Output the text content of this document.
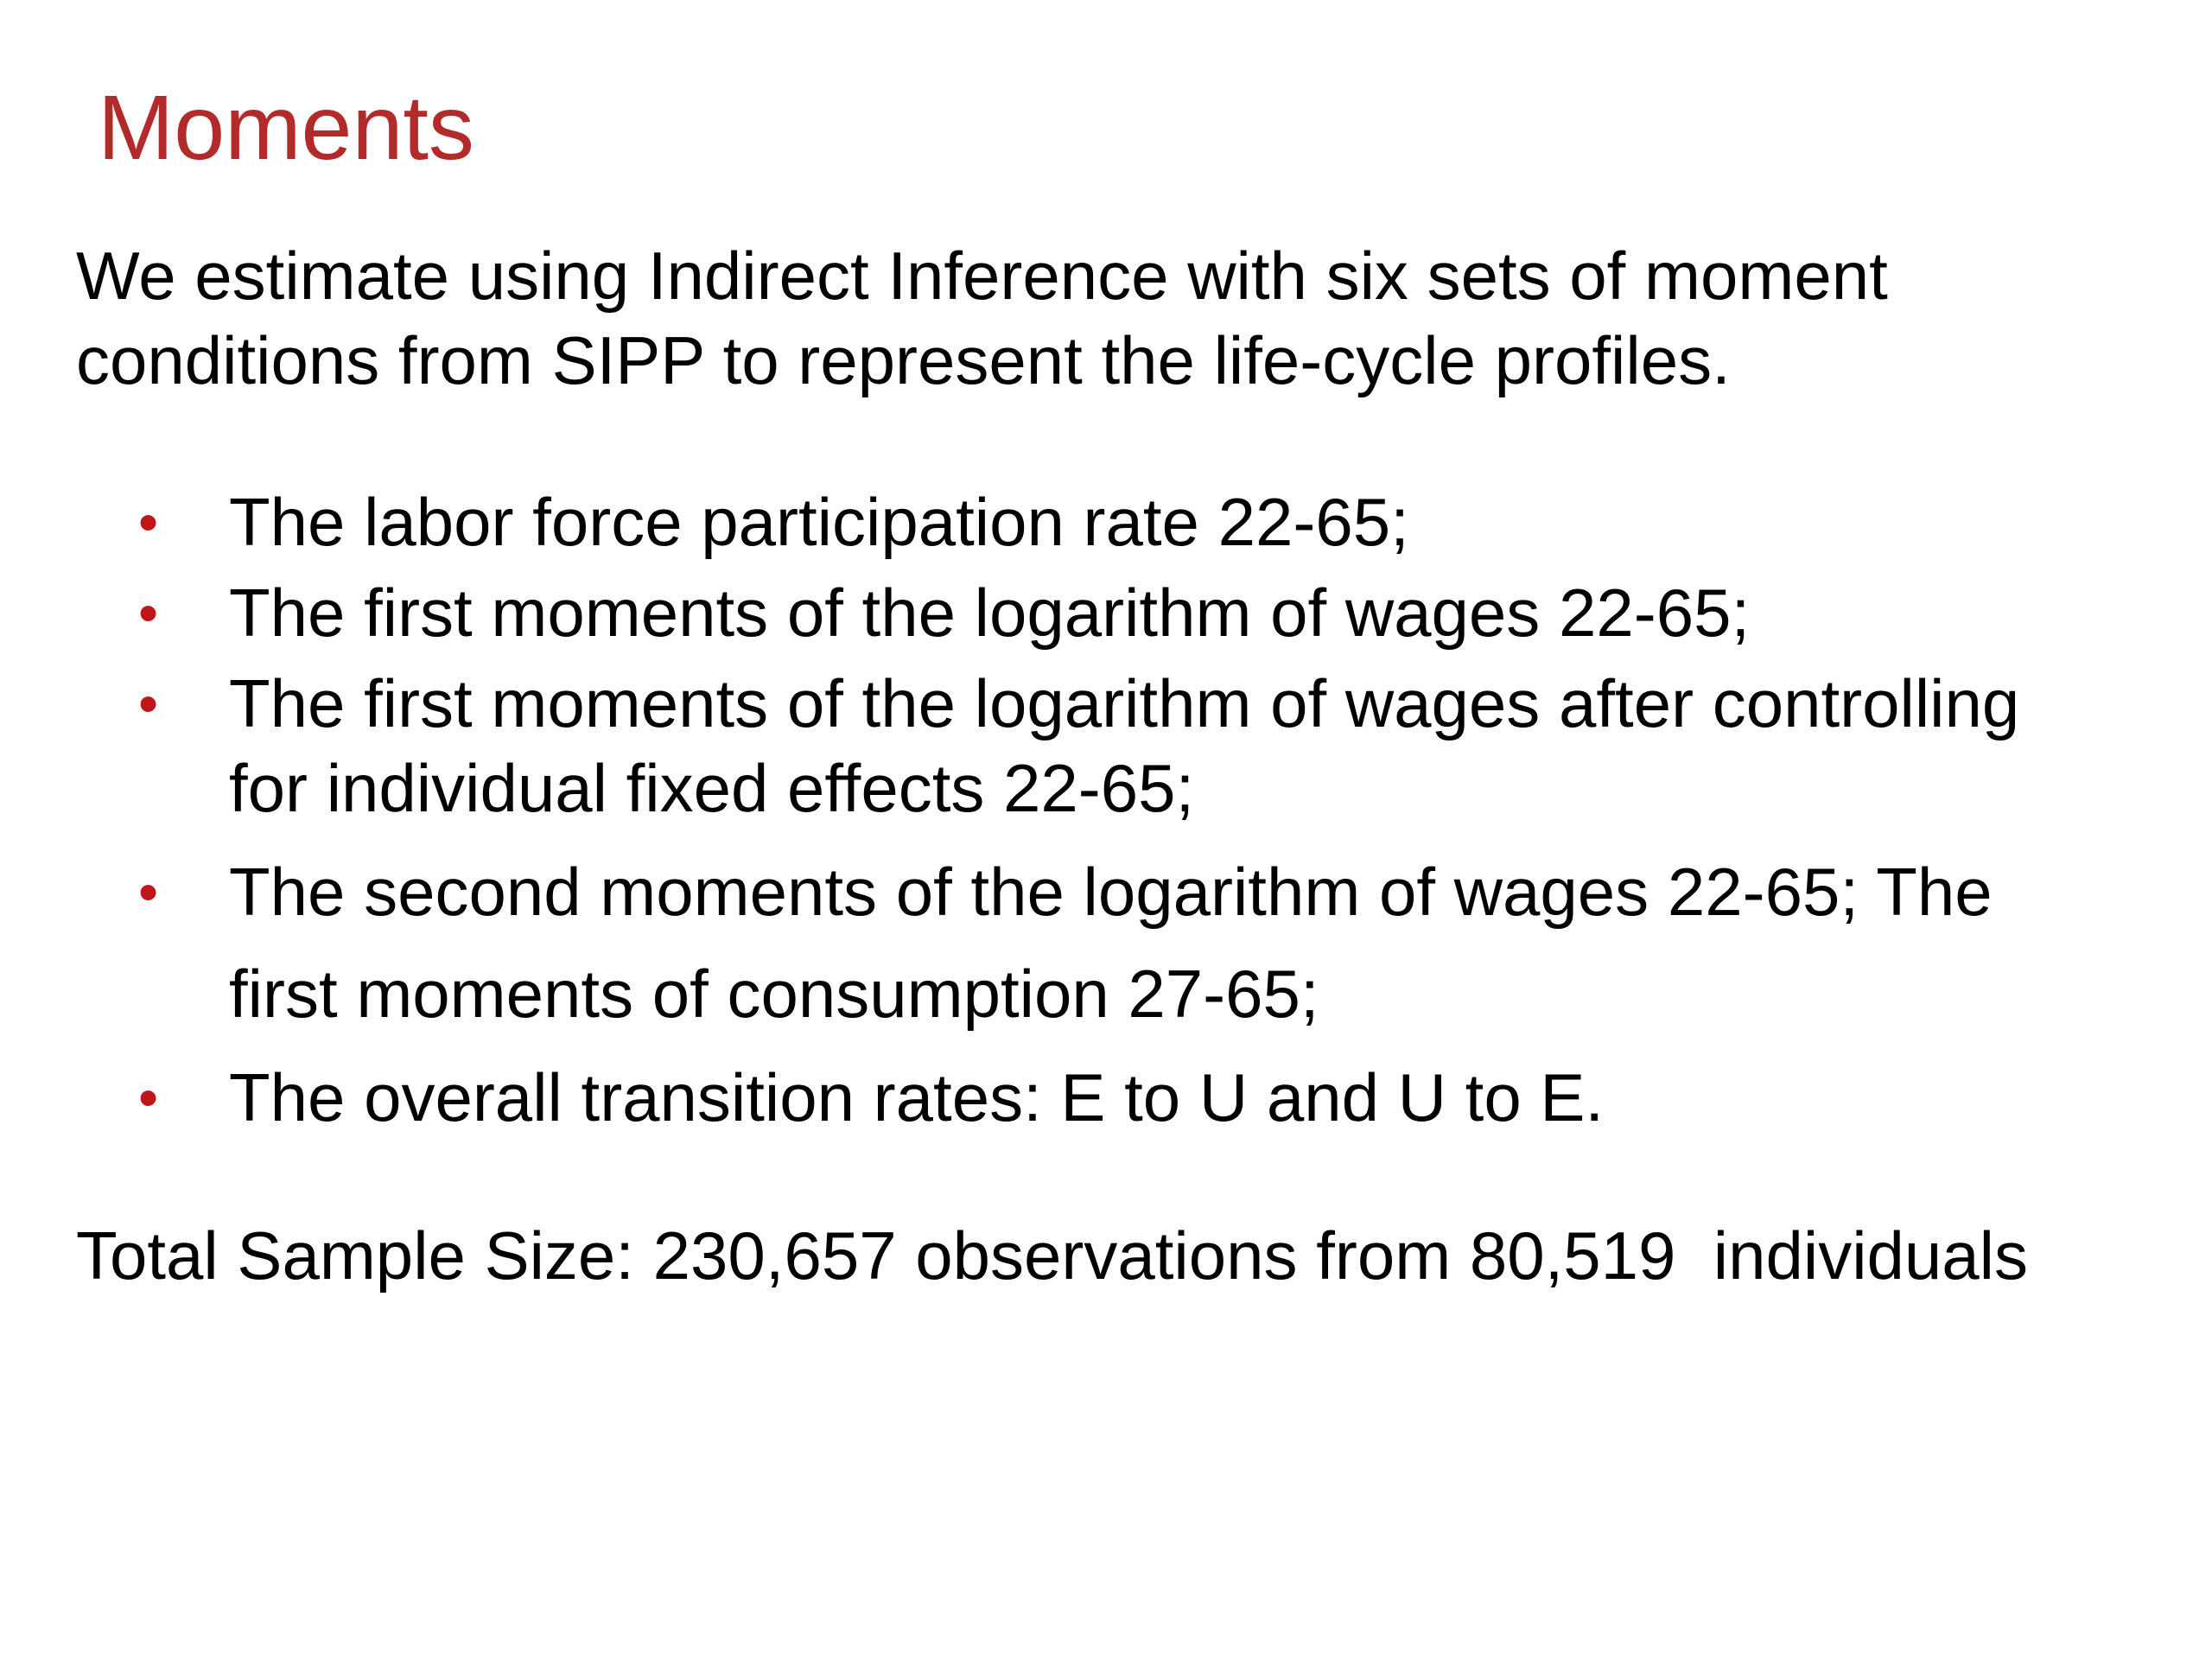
Moments

We estimate using Indirect Inference with six sets of moment conditions from SIPP to represent the life-cycle profiles.

• The labor force participation rate 22-65;
• The first moments of the logarithm of wages 22-65;
• The first moments of the logarithm of wages after controlling for individual fixed effects 22-65;
• The second moments of the logarithm of wages 22-65; The first moments of consumption 27-65;
• The overall transition rates: E to U and U to E.

Total Sample Size: 230,657 observations from 80,519  individuals
